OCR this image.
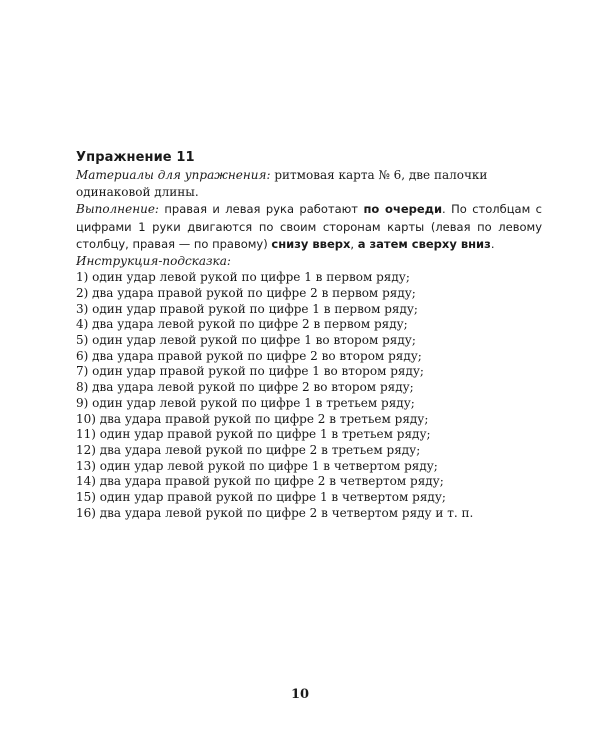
Упражнение 11

Материалы для упражнения: ритмовая карта № 6, две палочки одинаковой длины.

Выполнение: правая и левая рука работают по очереди. По столбцам с цифрами 1 руки двигаются по своим сторонам карты (левая по левому столбцу, правая — по правому) снизу вверх, а затем сверху вниз.

Инструкция-подсказка:

1) один удар левой рукой по цифре 1 в первом ряду;
2) два удара правой рукой по цифре 2 в первом ряду;
3) один удар правой рукой по цифре 1 в первом ряду;
4) два удара левой рукой по цифре 2 в первом ряду;
5) один удар левой рукой по цифре 1 во втором ряду;
6) два удара правой рукой по цифре 2 во втором ряду;
7) один удар правой рукой по цифре 1 во втором ряду;
8) два удара левой рукой по цифре 2 во втором ряду;
9) один удар левой рукой по цифре 1 в третьем ряду;
10) два удара правой рукой по цифре 2 в третьем ряду;
11) один удар правой рукой по цифре 1 в третьем ряду;
12) два удара левой рукой по цифре 2 в третьем ряду;
13) один удар левой рукой по цифре 1 в четвертом ряду;
14) два удара правой рукой по цифре 2 в четвертом ряду;
15) один удар правой рукой по цифре 1 в четвертом ряду;
16) два удара левой рукой по цифре 2 в четвертом ряду и т. п.
10
